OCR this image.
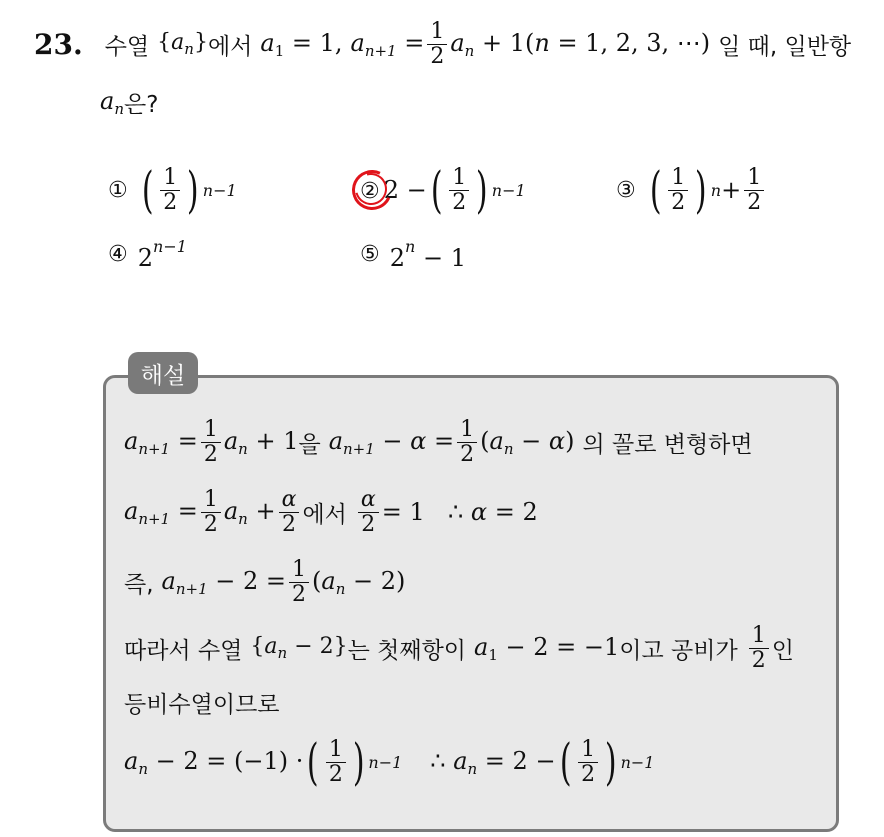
23. 수열 $\{a_n\}$ 에서 $a_1 = 1$, $a_{n+1} = \frac{1}{2} a_n + 1(n = 1$, 2, 3, ⋯) 일 때, 일반항
$a_n$ 은?
① ( $\frac{1}{2}$ ) n−1	② 2 − ( $\frac{1}{2}$ ) n−1	③ ( $\frac{1}{2}$ ) $n + \frac{1}{2}$
④ $2^{n-1}$	⑤ $2^n - 1$
해설
$a_{n+1} = \frac{1}{2} a_n + 1$ 을 $a_{n+1} - \alpha = \frac{1}{2} (a_n - \alpha)$ 의 꼴로 변형하면
$a_{n+1} = \frac{1}{2} a_n + \frac{\alpha}{2}$ 에서 $\frac{\alpha}{2} = 1$  ∴ α = 2
즉, $a_{n+1} - 2 = \frac{1}{2} (a_n - 2)$
따라서 수열 $\{a_n - 2\}$ 는 첫째항이 $a_1 - 2 = -1$ 이고 공비가 $\frac{1}{2}$ 인
등비수열이므로
$a_n - 2 = (-1)$ · ( $\frac{1}{2}$ ) n−1 ∴ $a_n = 2$ − ( $\frac{1}{2}$ ) n−1
